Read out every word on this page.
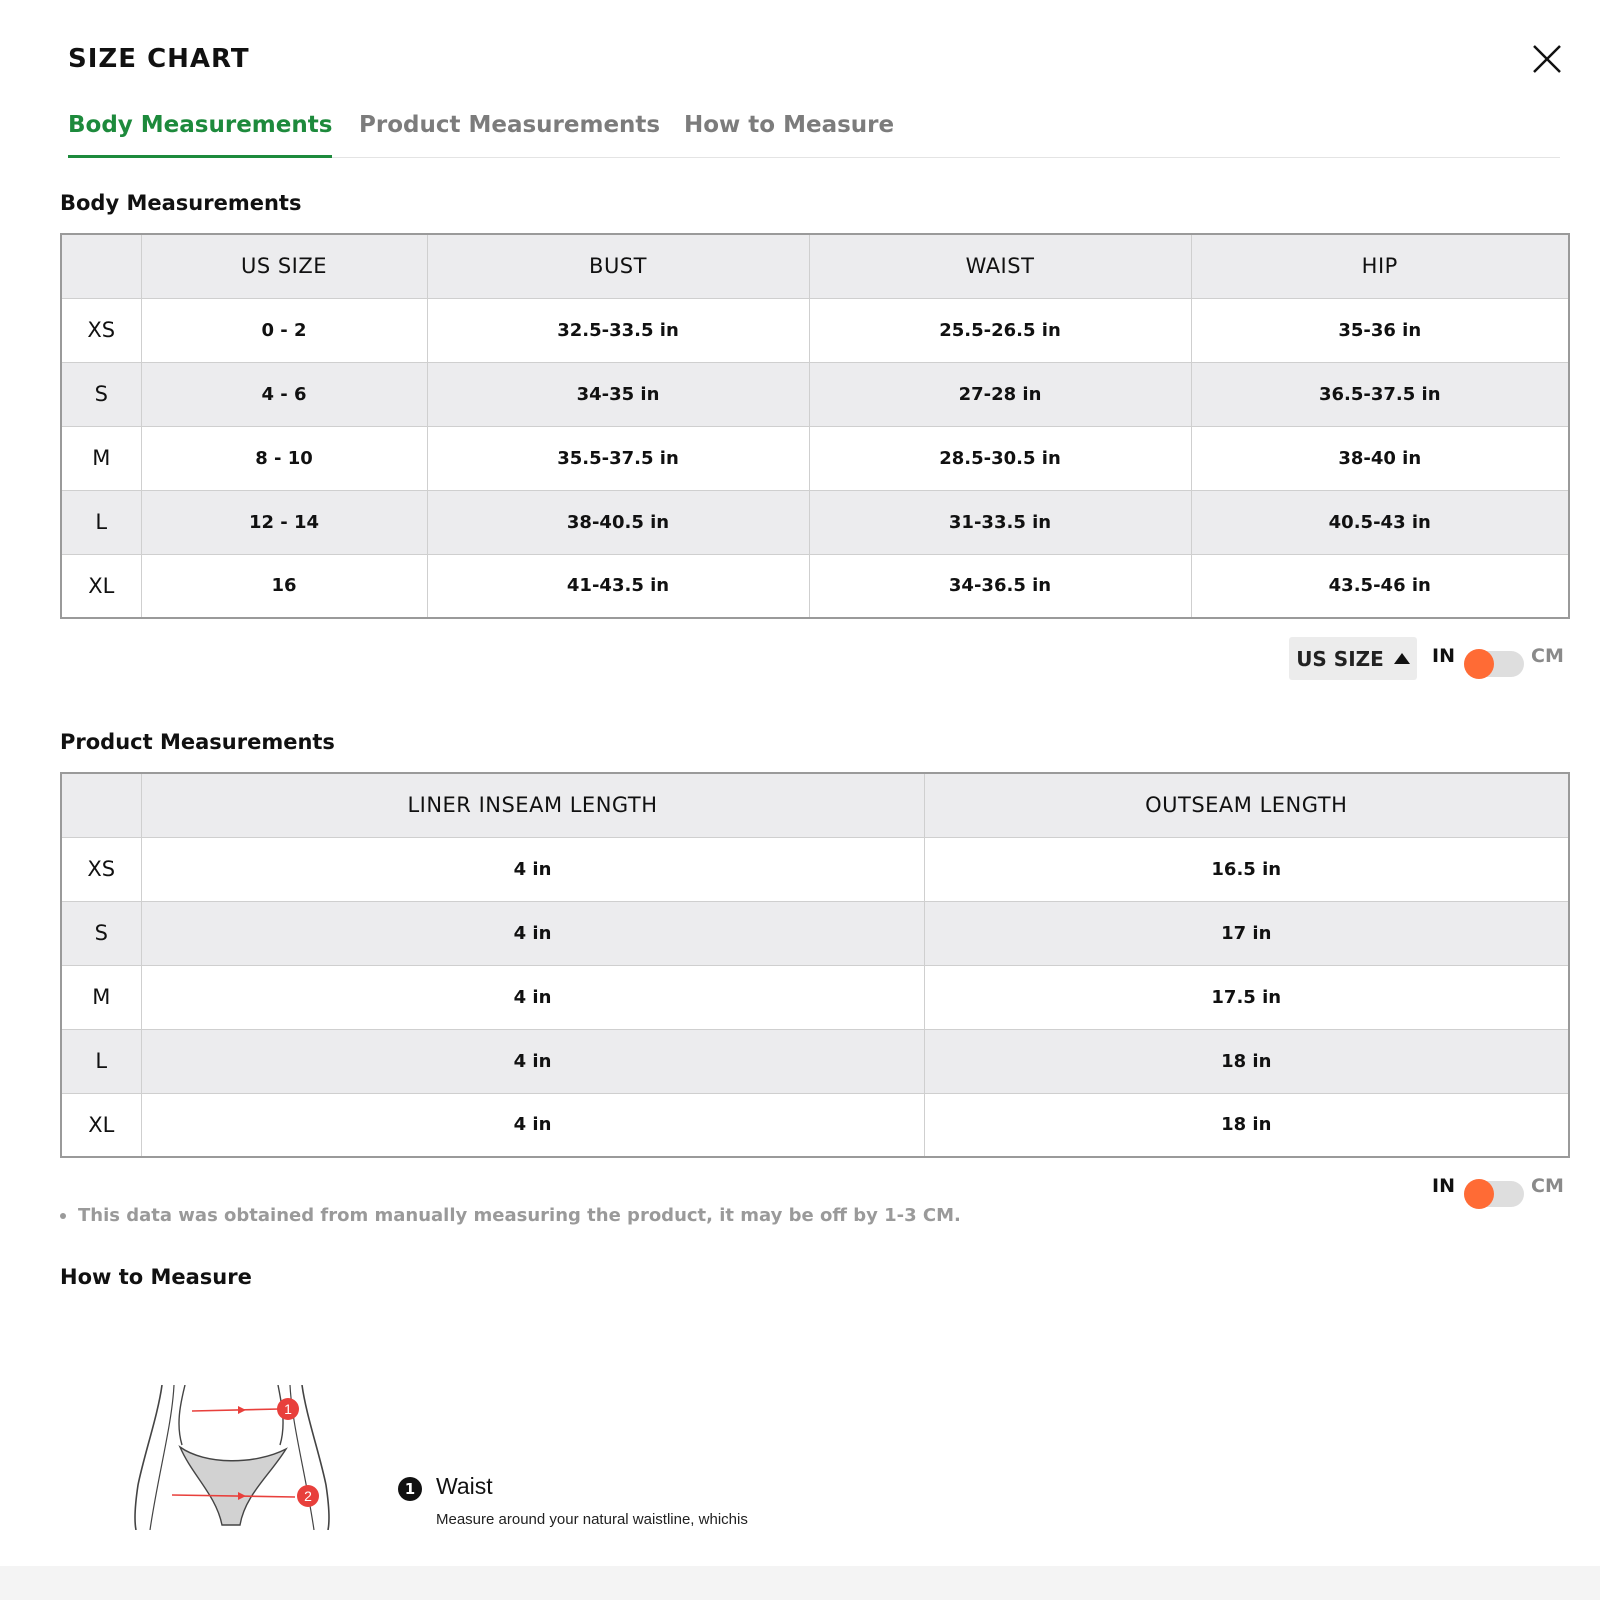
SIZE CHART
Body Measurements Product Measurements How to Measure
Body Measurements
	US SIZE	BUST	WAIST	HIP
XS	0 - 2	32.5-33.5 in	25.5-26.5 in	35-36 in
S	4 - 6	34-35 in	27-28 in	36.5-37.5 in
M	8 - 10	35.5-37.5 in	28.5-30.5 in	38-40 in
L	12 - 14	38-40.5 in	31-33.5 in	40.5-43 in
XL	16	41-43.5 in	34-36.5 in	43.5-46 in
US SIZE	IN	CM
Product Measurements
	LINER INSEAM LENGTH	OUTSEAM LENGTH
XS	4 in	16.5 in
S	4 in	17 in
M	4 in	17.5 in
L	4 in	18 in
XL	4 in	18 in
IN	CM
This data was obtained from manually measuring the product, it may be off by 1-3 CM.
How to Measure
1
2	1 Waist
Measure around your natural waistline, whichis
